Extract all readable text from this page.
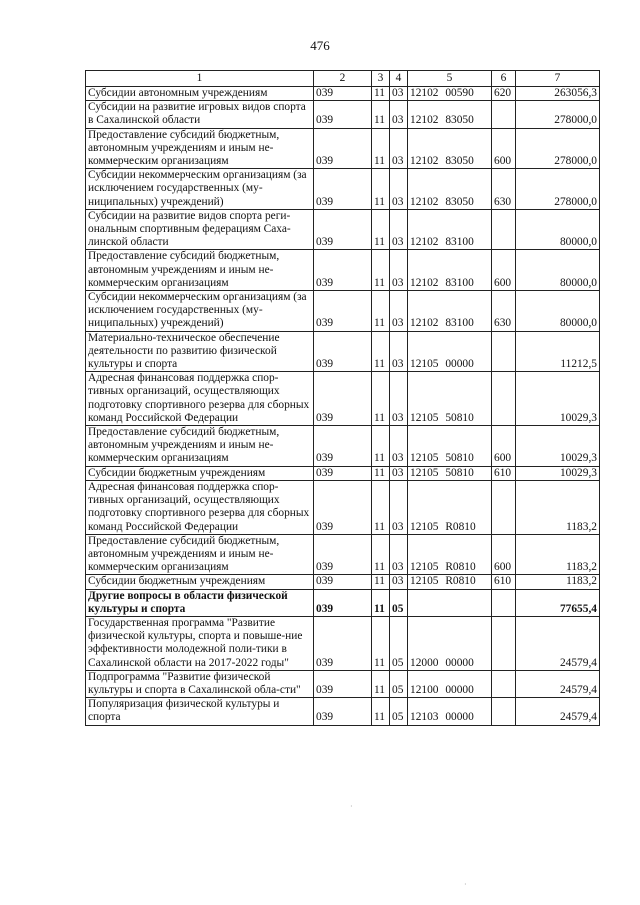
476
1	2	3	4	5	6	7
Субсидии автономным учреждениям	039	11	03	12102 00590	620	263056,3
Субсидии на развитие игровых видов спорта в Сахалинской области	039	11	03	12102 83050		278000,0
Предоставление субсидий бюджетным, автономным учреждениям и иным не-коммерческим организациям	039	11	03	12102 83050	600	278000,0
Субсидии некоммерческим организациям (за исключением государственных (му-ниципальных) учреждений)	039	11	03	12102 83050	630	278000,0
Субсидии на развитие видов спорта реги-ональным спортивным федерациям Саха-линской области	039	11	03	12102 83100		80000,0
Предоставление субсидий бюджетным, автономным учреждениям и иным не-коммерческим организациям	039	11	03	12102 83100	600	80000,0
Субсидии некоммерческим организациям (за исключением государственных (му-ниципальных) учреждений)	039	11	03	12102 83100	630	80000,0
Материально-техническое обеспечение деятельности по развитию физической культуры и спорта	039	11	03	12105 00000		11212,5
Адресная финансовая поддержка спор-тивных организаций, осуществляющих подготовку спортивного резерва для сборных команд Российской Федерации	039	11	03	12105 50810		10029,3
Предоставление субсидий бюджетным, автономным учреждениям и иным не-коммерческим организациям	039	11	03	12105 50810	600	10029,3
Субсидии бюджетным учреждениям	039	11	03	12105 50810	610	10029,3
Адресная финансовая поддержка спор-тивных организаций, осуществляющих подготовку спортивного резерва для сборных команд Российской Федерации	039	11	03	12105 R0810		1183,2
Предоставление субсидий бюджетным, автономным учреждениям и иным не-коммерческим организациям	039	11	03	12105 R0810	600	1183,2
Субсидии бюджетным учреждениям	039	11	03	12105 R0810	610	1183,2
Другие вопросы в области физической культуры и спорта	039	11	05			77655,4
Государственная программа "Развитие физической культуры, спорта и повыше-ние эффективности молодежной поли-тики в Сахалинской области на 2017-2022 годы"	039	11	05	12000 00000		24579,4
Подпрограмма "Развитие физической культуры и спорта в Сахалинской обла-сти"	039	11	05	12100 00000		24579,4
Популяризация физической культуры и спорта	039	11	05	12103 00000		24579,4
·
·
